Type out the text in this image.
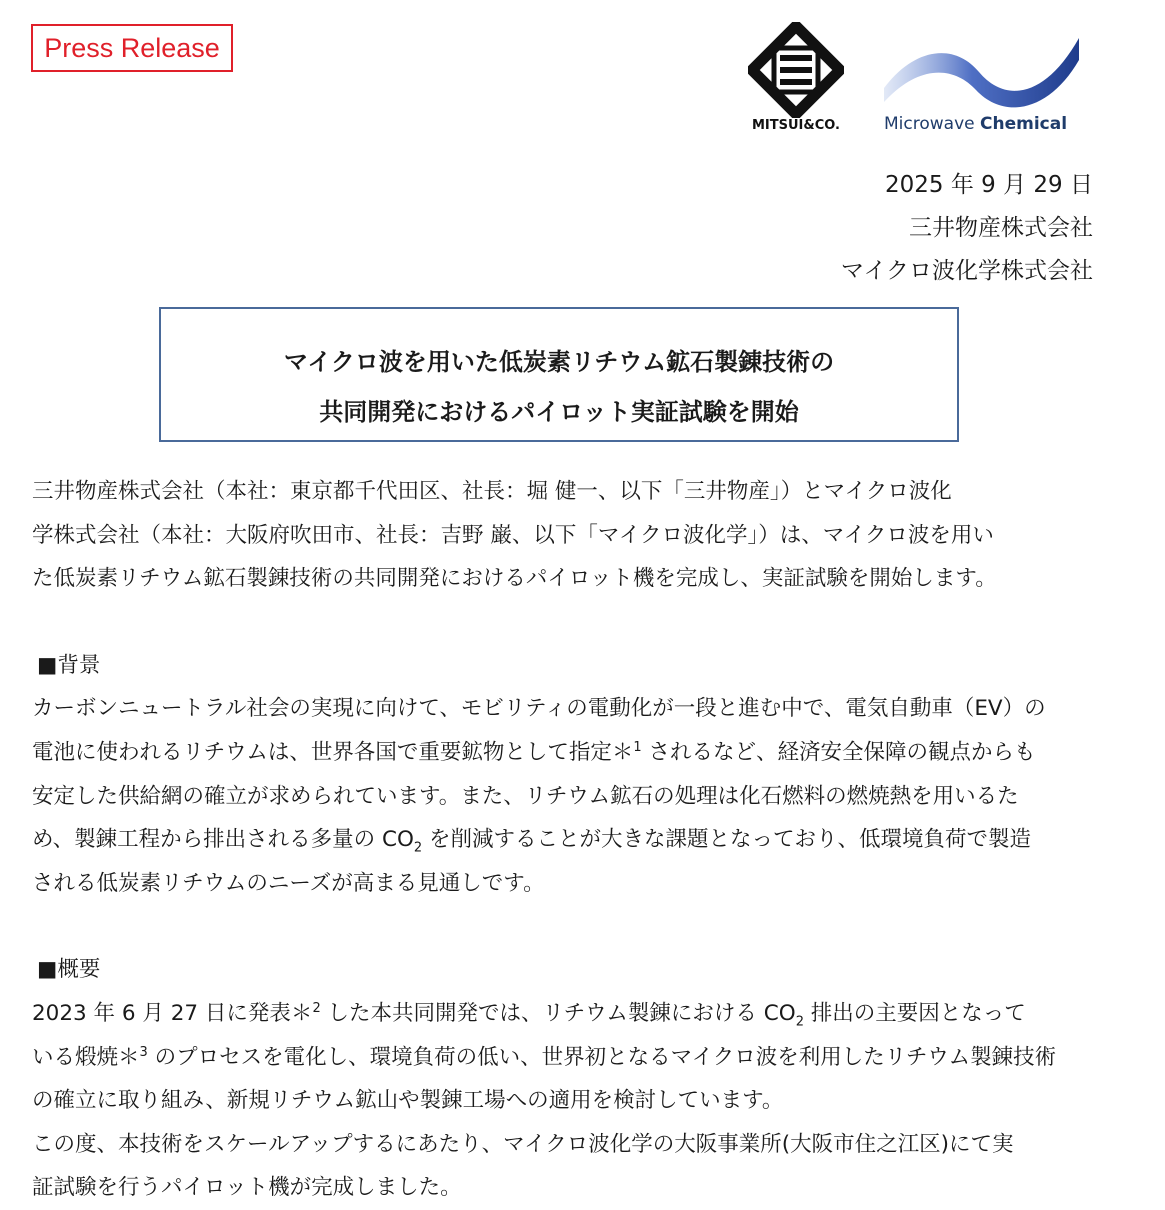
Press Release
MITSUI&CO.	Microwave Chemical
2025 年 9 月 29 日
三井物産株式会社
マイクロ波化学株式会社
マイクロ波を用いた低炭素リチウム鉱石製錬技術の
共同開発におけるパイロット実証試験を開始
三井物産株式会社（本社：東京都千代田区、社長：堀 健一、以下「三井物産」）とマイクロ波化
学株式会社（本社：大阪府吹田市、社長：吉野 巌、以下「マイクロ波化学」）は、マイクロ波を用い
た低炭素リチウム鉱石製錬技術の共同開発におけるパイロット機を完成し、実証試験を開始します。
■背景
カーボンニュートラル社会の実現に向けて、モビリティの電動化が一段と進む中で、電気自動車（EV）の
電池に使われるリチウムは、世界各国で重要鉱物として指定＊$^1$ されるなど、経済安全保障の観点からも
安定した供給網の確立が求められています。また、リチウム鉱石の処理は化石燃料の燃焼熱を用いるた
め、製錬工程から排出される多量の $CO_2$ を削減することが大きな課題となっており、低環境負荷で製造
される低炭素リチウムのニーズが高まる見通しです。
■概要
2023 年 6 月 27 日に発表＊$^2$ した本共同開発では、リチウム製錬における $CO_2$ 排出の主要因となって
いる煅焼＊$^3$ のプロセスを電化し、環境負荷の低い、世界初となるマイクロ波を利用したリチウム製錬技術
の確立に取り組み、新規リチウム鉱山や製錬工場への適用を検討しています。
この度、本技術をスケールアップするにあたり、マイクロ波化学の大阪事業所(大阪市住之江区)にて実
証試験を行うパイロット機が完成しました。
